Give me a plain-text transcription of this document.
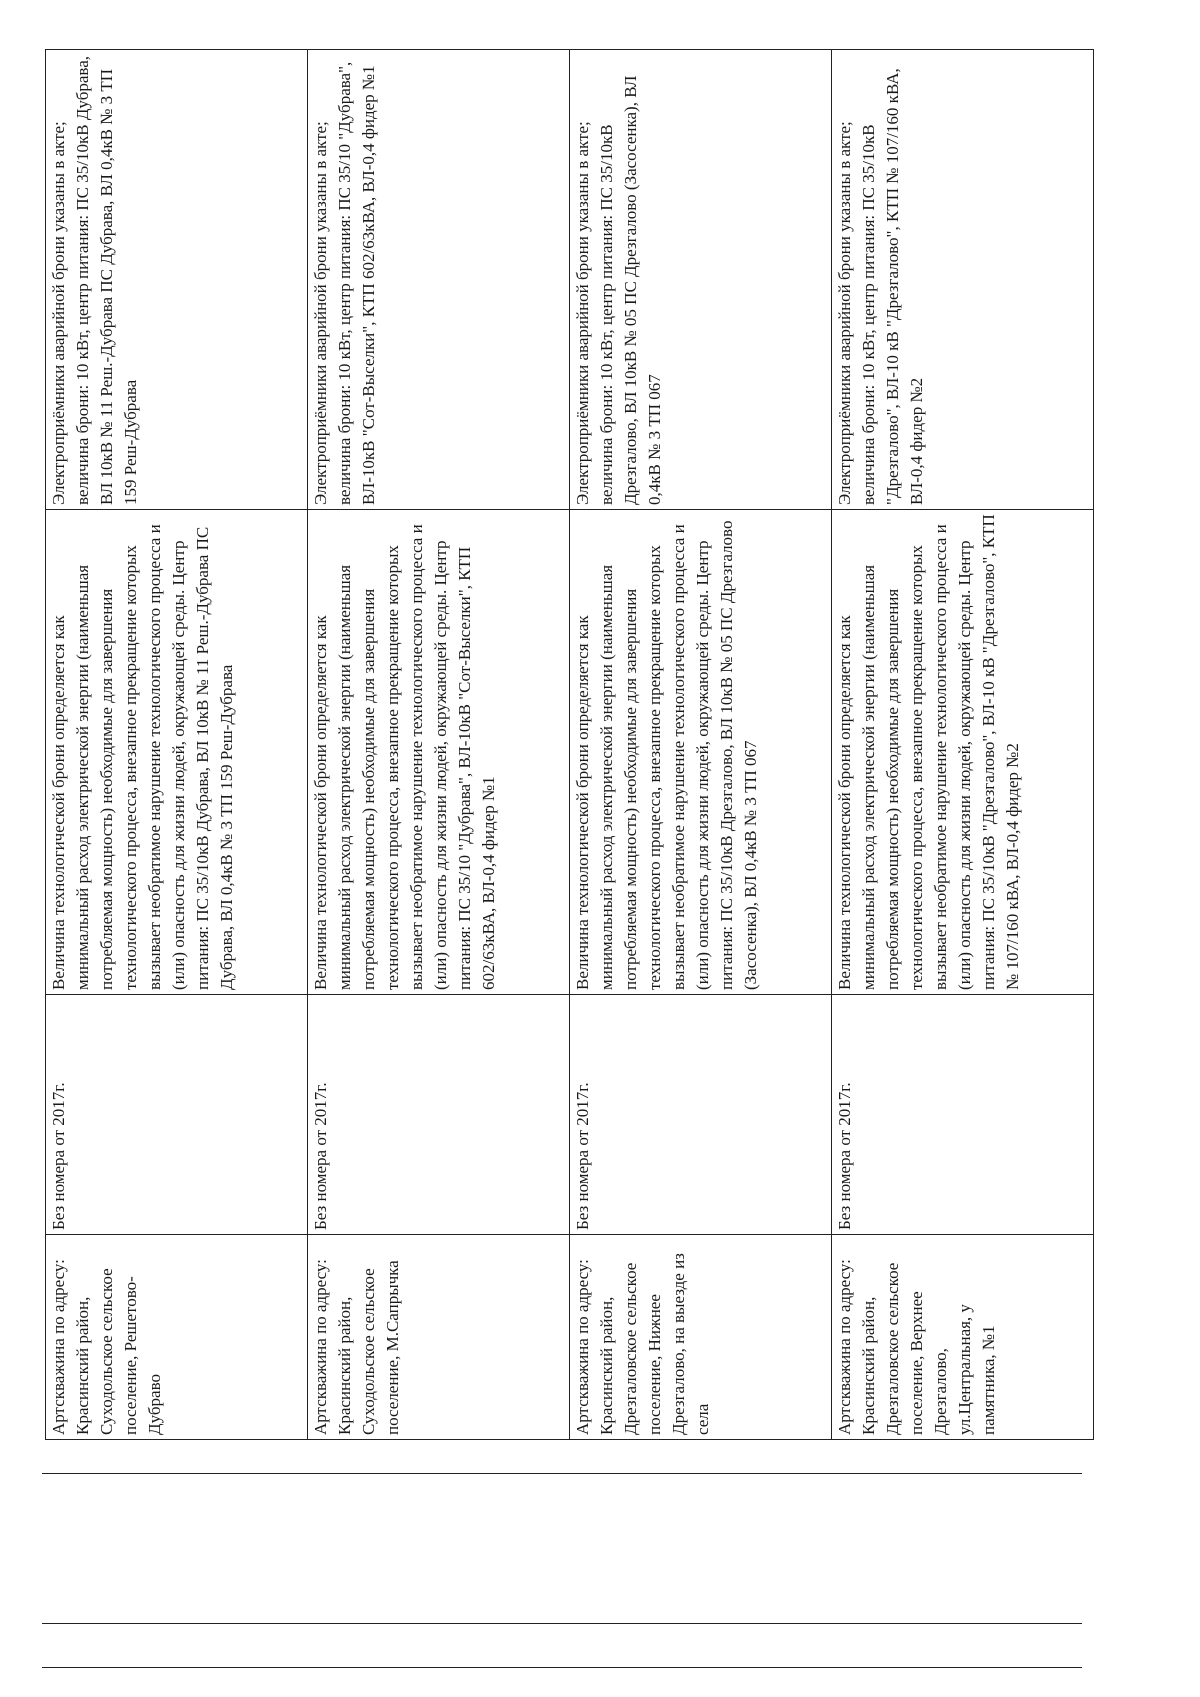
Артскважина по адресу: Красинский район, Суходольское сельское поселение, Решетово-Дубраво	Без номера от 2017г.	Величина технологической брони определяется как минимальный расход электрической энергии (наименьшая потребляемая мощность) необходимые для завершения технологического процесса, внезапное прекращение которых вызывает необратимое нарушение технологического процесса и (или) опасность для жизни людей, окружающей среды. Центр питания: ПС 35/10кВ Дубрава, ВЛ 10кВ № 11 Реш.-Дубрава ПС Дубрава, ВЛ 0,4кВ № 3 ТП 159 Реш-Дубрава	Электроприёмники аварийной брони указаны в акте; величина брони: 10 кВт, центр питания: ПС 35/10кВ Дубрава, ВЛ 10кВ № 11 Реш.-Дубрава ПС Дубрава, ВЛ 0,4кВ № 3 ТП 159 Реш-Дубрава
Артскважина по адресу: Красинский район, Суходольское сельское поселение, М.Сапрычка	Без номера от 2017г.	Величина технологической брони определяется как минимальный расход электрической энергии (наименьшая потребляемая мощность) необходимые для завершения технологического процесса, внезапное прекращение которых вызывает необратимое нарушение технологического процесса и (или) опасность для жизни людей, окружающей среды. Центр питания: ПС 35/10 "Дубрава", ВЛ-10кВ "Сот-Выселки", КТП 602/63кВА, ВЛ-0,4 фидер №1	Электроприёмники аварийной брони указаны в акте; величина брони: 10 кВт, центр питания: ПС 35/10 "Дубрава", ВЛ-10кВ "Сот-Выселки", КТП 602/63кВА, ВЛ-0,4 фидер №1
Артскважина по адресу: Красинский район, Дрезгаловское сельское поселение, Нижнее Дрезгалово, на выезде из села	Без номера от 2017г.	Величина технологической брони определяется как минимальный расход электрической энергии (наименьшая потребляемая мощность) необходимые для завершения технологического процесса, внезапное прекращение которых вызывает необратимое нарушение технологического процесса и (или) опасность для жизни людей, окружающей среды. Центр питания: ПС 35/10кВ Дрезгалово, ВЛ 10кВ № 05 ПС Дрезгалово (Засосенка), ВЛ 0,4кВ № 3 ТП 067	Электроприёмники аварийной брони указаны в акте; величина брони: 10 кВт, центр питания: ПС 35/10кВ Дрезгалово, ВЛ 10кВ № 05 ПС Дрезгалово (Засосенка), ВЛ 0,4кВ № 3 ТП 067
Артскважина по адресу: Красинский район, Дрезгаловское сельское поселение, Верхнее Дрезгалово, ул.Центральная, у памятника, №1	Без номера от 2017г.	Величина технологической брони определяется как минимальный расход электрической энергии (наименьшая потребляемая мощность) необходимые для завершения технологического процесса, внезапное прекращение которых вызывает необратимое нарушение технологического процесса и (или) опасность для жизни людей, окружающей среды. Центр питания: ПС 35/10кВ "Дрезгалово", ВЛ-10 кВ "Дрезгалово", КТП № 107/160 кВА, ВЛ-0,4 фидер №2	Электроприёмники аварийной брони указаны в акте; величина брони: 10 кВт, центр питания: ПС 35/10кВ "Дрезгалово", ВЛ-10 кВ "Дрезгалово", КТП № 107/160 кВА, ВЛ-0,4 фидер №2
